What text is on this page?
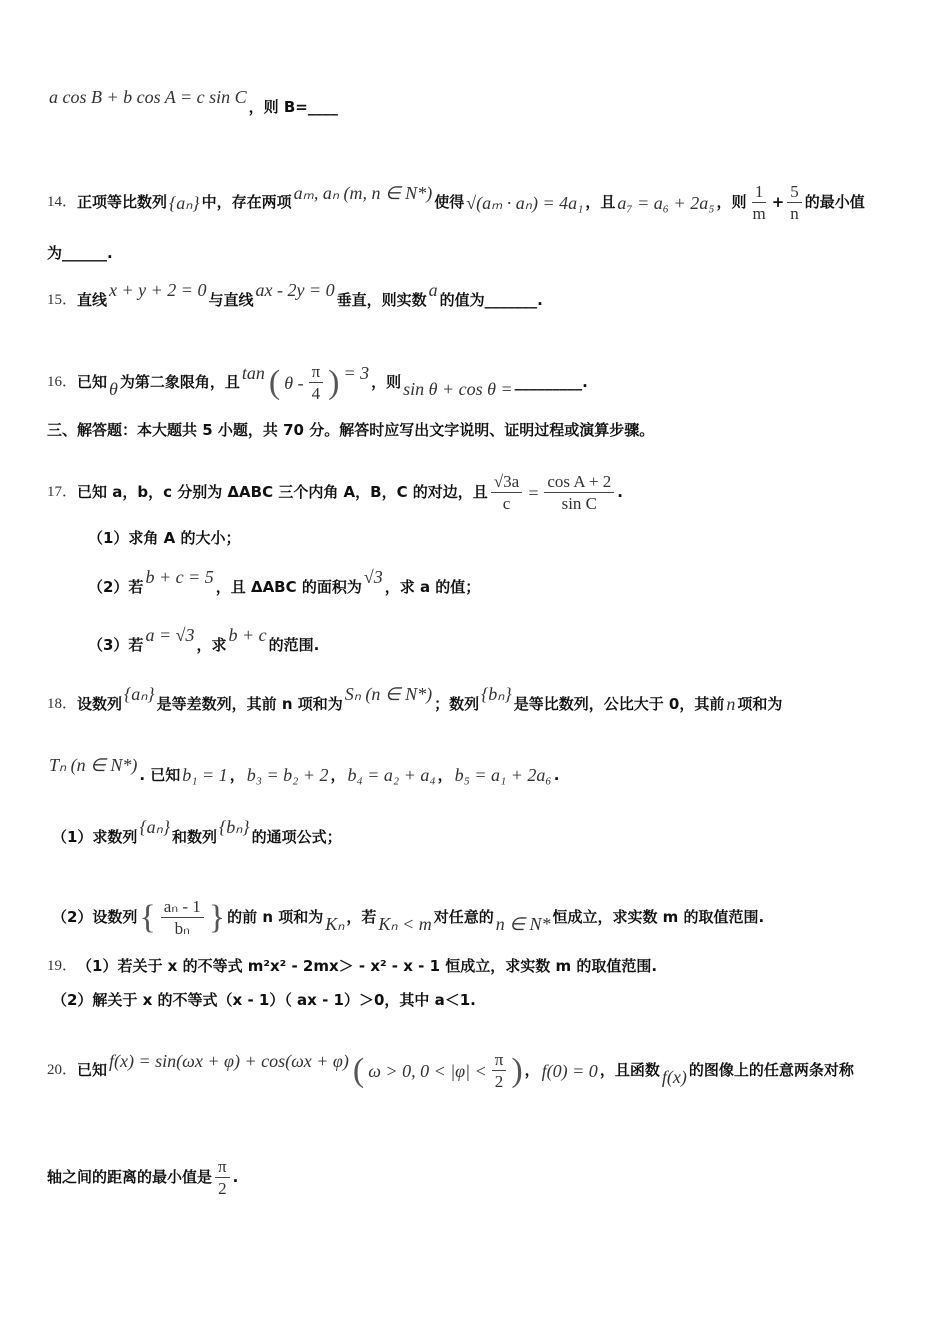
a cos B + b cos A = c sin C ，则 B=____
14． 正项等比数列 {aₙ} 中，存在两项 aₘ, aₙ (m, n ∈ N*) 使得 √(aₘ · aₙ) = 4a₁ ，且 a₇ = a₆ + 2a₅ ，则 $\frac{1}{m} + \frac{5}{n}$ 的最小值
为______.
15． 直线 x + y + 2 = 0 与直线 ax - 2y = 0 垂直，则实数 a 的值为_______.
16． 已知 θ 为第二象限角，且 tan ( θ - $\frac{\pi}{4}$ ) = 3 ，则 sin θ + cos θ = _________.
三、解答题：本大题共 5 小题，共 70 分。解答时应写出文字说明、证明过程或演算步骤。
17． 已知 a，b，c 分别为 ΔABC 三个内角 A，B，C 的对边，且 $\frac{√3a}{c} = \frac{\text{cos A + 2}}{\text{sin C}}$ .
（1）求角 A 的大小；
（2）若 b + c = 5 ，且 ΔABC 的面积为 √3 ，求 a 的值；
（3）若 a = √3 ，求 b + c 的范围.
18． 设数列 {aₙ} 是等差数列，其前 n 项和为 Sₙ (n ∈ N*) ；数列 {bₙ} 是等比数列，公比大于 0，其前 n 项和为
Tₙ (n ∈ N*) . 已知 b₁ = 1 ， b₃ = b₂ + 2 ， b₄ = a₂ + a₄ ， b₅ = a₁ + 2a₆ .
（1）求数列 {aₙ} 和数列 {bₙ} 的通项公式；
（2）设数列 { $\frac{\text{aₙ - 1}}{\text{bₙ}}$ } 的前 n 项和为 Kₙ ，若 Kₙ < m 对任意的 n ∈ N* 恒成立，求实数 m 的取值范围.
19． （1）若关于 x 的不等式 m²x² - 2mx＞ - x² - x - 1 恒成立，求实数 m 的取值范围.
（2）解关于 x 的不等式（x - 1）（ ax - 1）＞0，其中 a＜1.
20． 已知 f(x) = sin(ωx + φ) + cos(ωx + φ) ( ω > 0, $0 < |\varphi| < \frac{\pi}{2}$ ) ， f(0) = 0 ，且函数 f(x) 的图像上的任意两条对称
轴之间的距离的最小值是 $\frac{\pi}{2}$ .
